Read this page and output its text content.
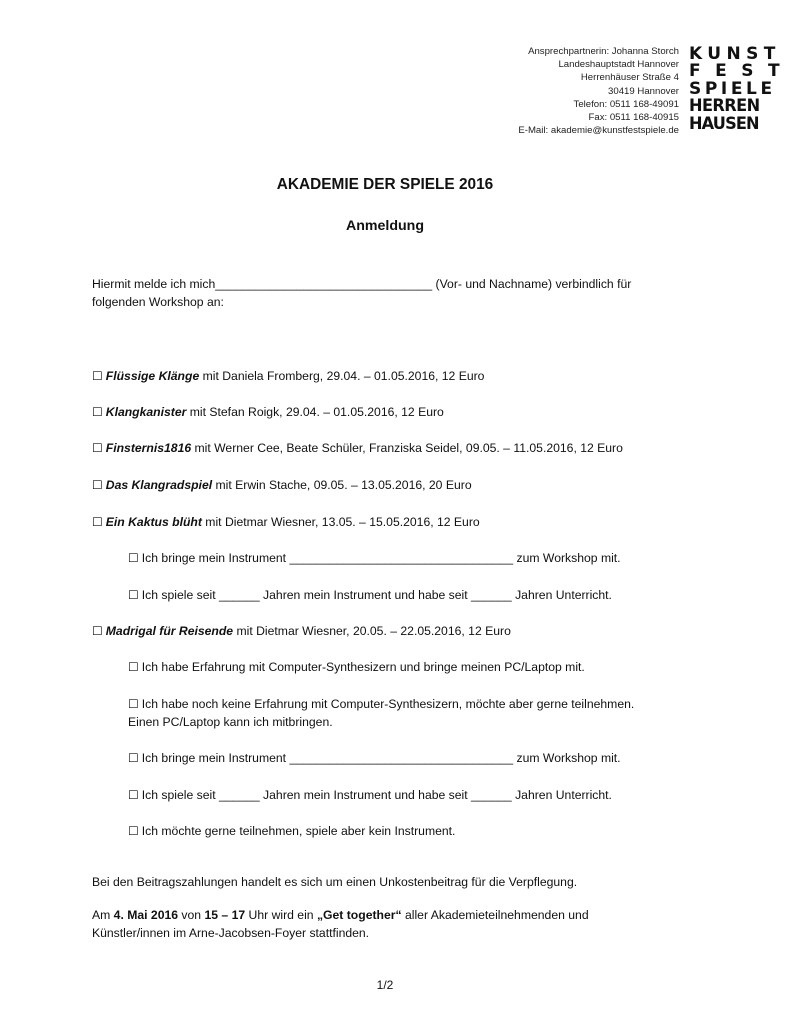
Ansprechpartnerin: Johanna Storch
Landeshauptstadt Hannover
Herrenhäuser Straße 4
30419 Hannover
Telefon: 0511 168-49091
Fax: 0511 168-40915
E-Mail: akademie@kunstfestspiele.de
KUNST
FEST
SPIELE
HERREN
HAUSEN
AKADEMIE DER SPIELE 2016
Anmeldung
Hiermit melde ich mich________________________________ (Vor- und Nachname) verbindlich für
folgenden Workshop an:
☐ Flüssige Klänge mit Daniela Fromberg, 29.04. – 01.05.2016, 12 Euro
☐ Klangkanister mit Stefan Roigk, 29.04. – 01.05.2016, 12 Euro
☐ Finsternis1816 mit Werner Cee, Beate Schüler, Franziska Seidel, 09.05. – 11.05.2016, 12 Euro
☐ Das Klangradspiel mit Erwin Stache, 09.05. – 13.05.2016, 20 Euro
☐ Ein Kaktus blüht mit Dietmar Wiesner, 13.05. – 15.05.2016, 12 Euro
☐ Ich bringe mein Instrument _________________________________ zum Workshop mit.
☐ Ich spiele seit ______ Jahren mein Instrument und habe seit ______ Jahren Unterricht.
☐ Madrigal für Reisende mit Dietmar Wiesner, 20.05. – 22.05.2016, 12 Euro
☐ Ich habe Erfahrung mit Computer-Synthesizern und bringe meinen PC/Laptop mit.
☐ Ich habe noch keine Erfahrung mit Computer-Synthesizern, möchte aber gerne teilnehmen.
Einen PC/Laptop kann ich mitbringen.
☐ Ich bringe mein Instrument _________________________________ zum Workshop mit.
☐ Ich spiele seit ______ Jahren mein Instrument und habe seit ______ Jahren Unterricht.
☐ Ich möchte gerne teilnehmen, spiele aber kein Instrument.
Bei den Beitragszahlungen handelt es sich um einen Unkostenbeitrag für die Verpflegung.
Am 4. Mai 2016 von 15 – 17 Uhr wird ein „Get together“ aller Akademieteilnehmenden und
Künstler/innen im Arne-Jacobsen-Foyer stattfinden.
1/2
